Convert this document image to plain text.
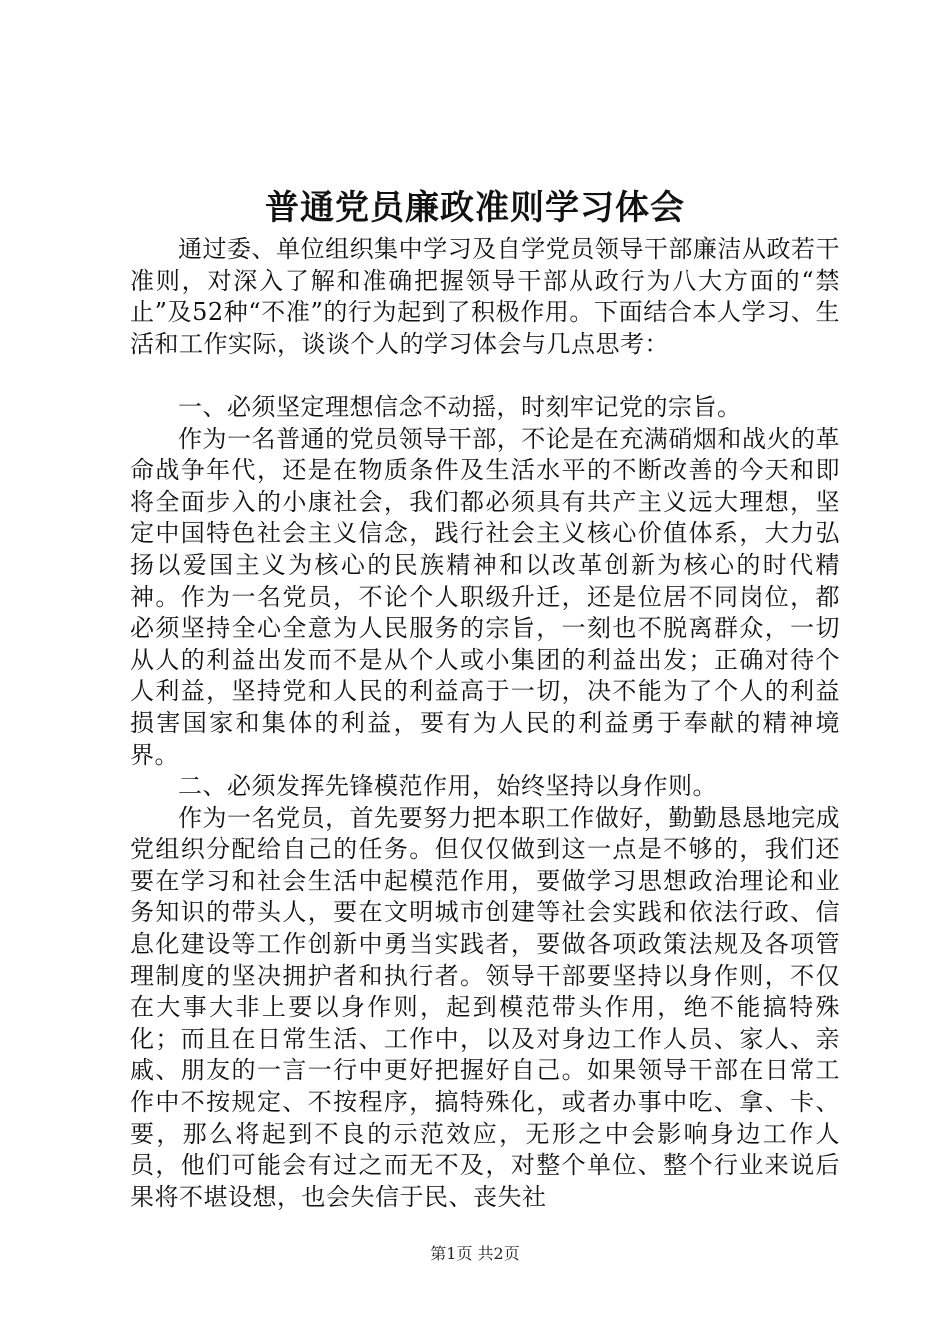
普通党员廉政准则学习体会

通过委、单位组织集中学习及自学党员领导干部廉洁从政若干准则，对深入了解和准确把握领导干部从政行为八大方面的“禁止”及52种“不准”的行为起到了积极作用。下面结合本人学习、生活和工作实际，谈谈个人的学习体会与几点思考：

一、必须坚定理想信念不动摇，时刻牢记党的宗旨。

作为一名普通的党员领导干部，不论是在充满硝烟和战火的革命战争年代，还是在物质条件及生活水平的不断改善的今天和即将全面步入的小康社会，我们都必须具有共产主义远大理想，坚定中国特色社会主义信念，践行社会主义核心价值体系，大力弘扬以爱国主义为核心的民族精神和以改革创新为核心的时代精神。作为一名党员，不论个人职级升迁，还是位居不同岗位，都必须坚持全心全意为人民服务的宗旨，一刻也不脱离群众，一切从人的利益出发而不是从个人或小集团的利益出发；正确对待个人利益，坚持党和人民的利益高于一切，决不能为了个人的利益损害国家和集体的利益，要有为人民的利益勇于奉献的精神境界。

二、必须发挥先锋模范作用，始终坚持以身作则。

作为一名党员，首先要努力把本职工作做好，勤勤恳恳地完成党组织分配给自己的任务。但仅仅做到这一点是不够的，我们还要在学习和社会生活中起模范作用，要做学习思想政治理论和业务知识的带头人，要在文明城市创建等社会实践和依法行政、信息化建设等工作创新中勇当实践者，要做各项政策法规及各项管理制度的坚决拥护者和执行者。领导干部要坚持以身作则，不仅在大事大非上要以身作则，起到模范带头作用，绝不能搞特殊化；而且在日常生活、工作中，以及对身边工作人员、家人、亲戚、朋友的一言一行中更好把握好自己。如果领导干部在日常工作中不按规定、不按程序，搞特殊化，或者办事中吃、拿、卡、要，那么将起到不良的示范效应，无形之中会影响身边工作人员，他们可能会有过之而无不及，对整个单位、整个行业来说后果将不堪设想，也会失信于民、丧失社

第1页 共2页
